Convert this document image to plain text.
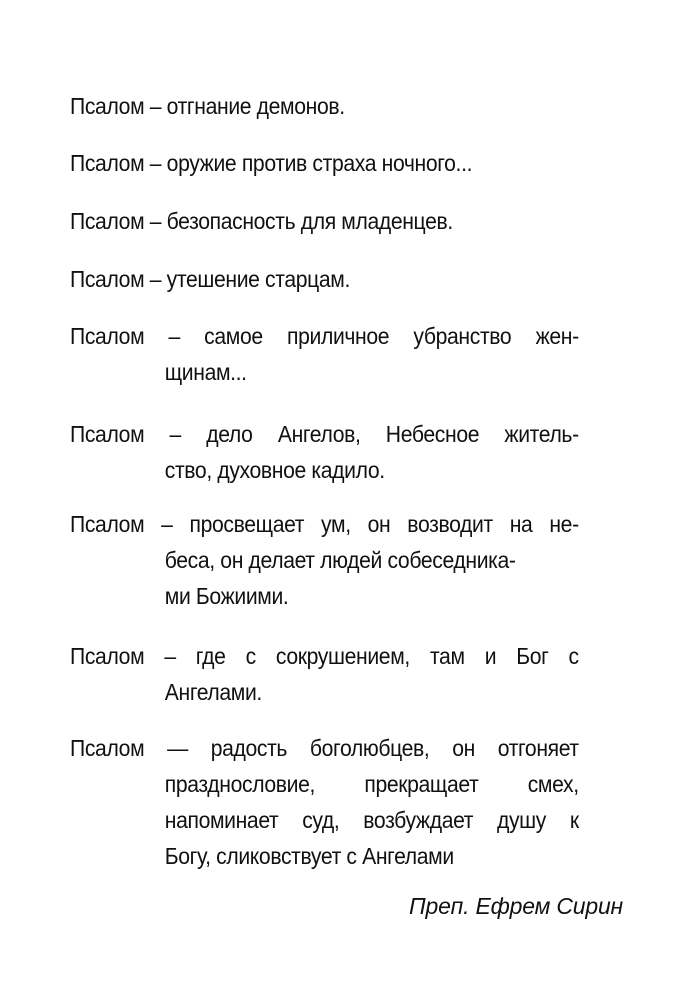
Псалом – отгнание демонов.
Псалом – оружие против страха ночного...
Псалом – безопасность для младенцев.
Псалом – утешение старцам.
Псалом – самое приличное убранство жен-
щинам...
Псалом – дело Ангелов, Небесное житель-
ство, духовное кадило.
Псалом – просвещает ум, он возводит на не-
беса, он делает людей собеседника-
ми Божиими.
Псалом – где с сокрушением, там и Бог с
Ангелами.
Псалом — радость боголюбцев, он отгоняет
празднословие, прекращает смех,
напоминает суд, возбуждает душу к
Богу, сликовствует с Ангелами
Преп. Ефрем Сирин
